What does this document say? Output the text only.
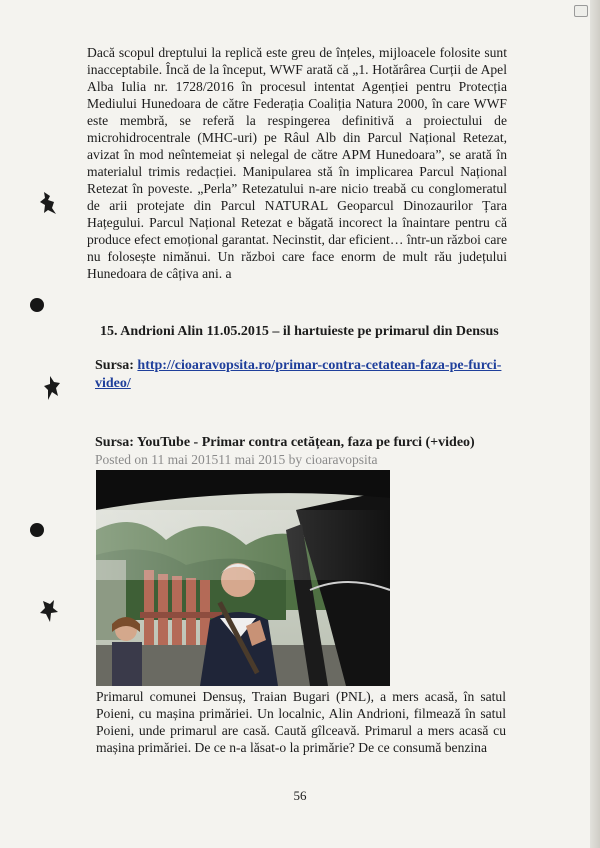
Dacă scopul dreptului la replică este greu de înțeles, mijloacele folosite sunt inacceptabile. Încă de la început, WWF arată că „1. Hotărârea Curții de Apel Alba Iulia nr. 1728/2016 în procesul intentat Agenției pentru Protecția Mediului Hunedoara de către Federația Coaliția Natura 2000, în care WWF este membră, se referă la respingerea definitivă a proiectului de microhidrocentrale (MHC-uri) pe Râul Alb din Parcul Național Retezat, avizat în mod neîntemeiat și nelegal de către APM Hunedoara”, se arată în materialul trimis redacției. Manipularea stă în implicarea Parcul Național Retezat în poveste. „Perla” Retezatului n-are nicio treabă cu conglomeratul de arii protejate din Parcul NATURAL Geoparcul Dinozaurilor Țara Hațegului. Parcul Național Retezat e băgată incorect la înaintare pentru că produce efect emoțional garantat. Necinstit, dar eficient… într-un război care nu folosește nimănui. Un război care face enorm de mult rău județului Hunedoara de câțiva ani. a

15. Andrioni Alin 11.05.2015 – il hartuieste pe primarul din Densus
Sursa: http://cioaravopsita.ro/primar-contra-cetatean-faza-pe-furci-video/
Sursa: YouTube - Primar contra cetățean, faza pe furci (+video)
Posted on 11 mai 201511 mai 2015 by cioaravopsita

Primarul comunei Densuș, Traian Bugari (PNL), a mers acasă, în satul Poieni, cu mașina primăriei. Un localnic, Alin Andrioni, filmează în satul Poieni, unde primarul are casă. Caută gîlceavă. Primarul a mers acasă cu mașina primăriei. De ce n-a lăsat-o la primărie? De ce consumă benzina

56
